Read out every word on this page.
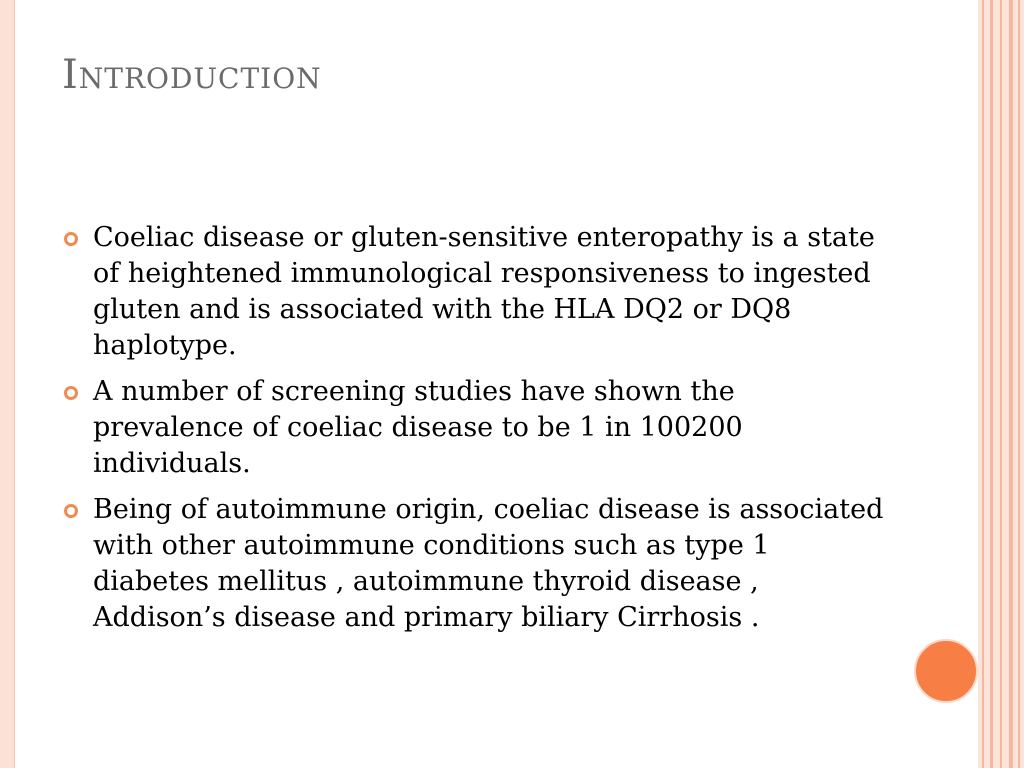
Introduction
Coeliac disease or gluten-sensitive enteropathy is a state of heightened immunological responsiveness to ingested gluten and is associated with the HLA DQ2 or DQ8 haplotype.
A number of screening studies have shown the prevalence of coeliac disease to be 1 in 100200 individuals.
Being of autoimmune origin, coeliac disease is associated with other autoimmune conditions such as type 1 diabetes mellitus , autoimmune thyroid disease , Addison’s disease and primary biliary Cirrhosis .
